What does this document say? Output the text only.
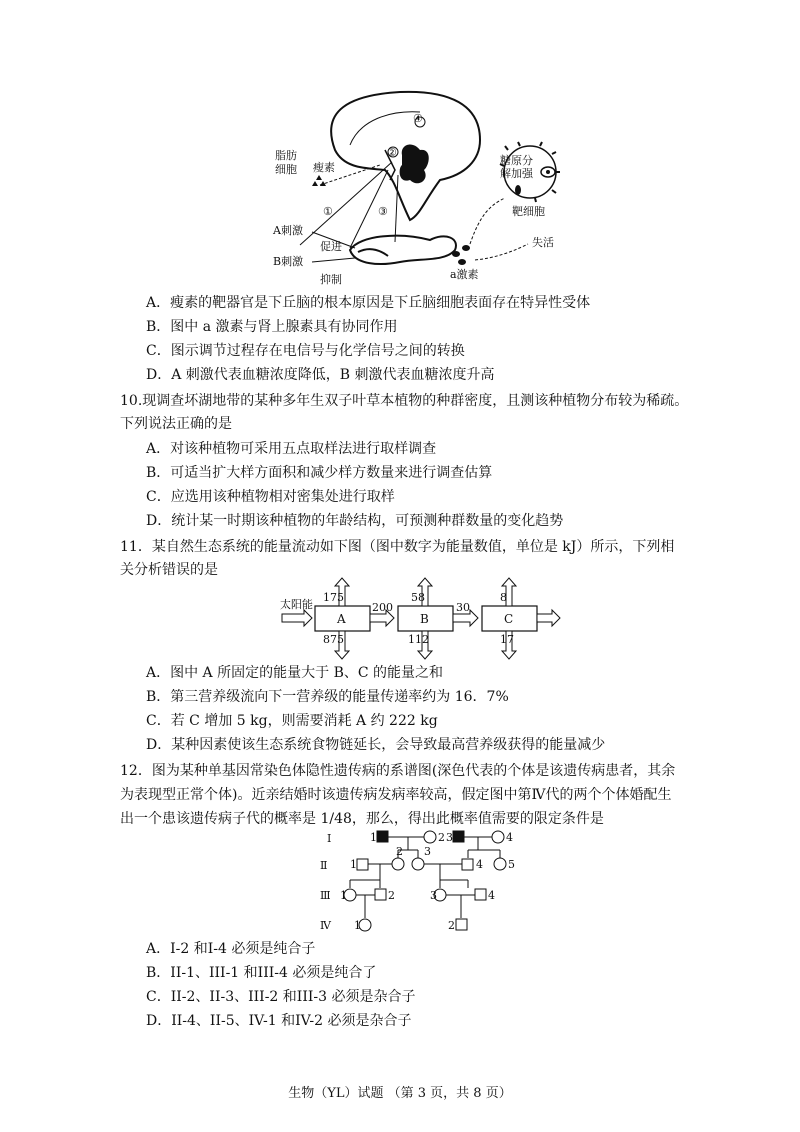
脂肪
细胞 瘦素
④
②
①	③
糖原分
解加强
靶细胞
A刺激
促进
B刺激
抑制	a激素
失活
A．瘦素的靶器官是下丘脑的根本原因是下丘脑细胞表面存在特异性受体
B．图中 a 激素与肾上腺素具有协同作用
C．图示调节过程存在电信号与化学信号之间的转换
D．A 刺激代表血糖浓度降低，B 刺激代表血糖浓度升高
10.现调查坏湖地带的某种多年生双子叶草本植物的种群密度，且测该种植物分布较为稀疏。
下列说法正确的是
A．对该种植物可采用五点取样法进行取样调查
B．可适当扩大样方面积和减少样方数量来进行调查估算
C．应选用该种植物相对密集处进行取样
D．统计某一时期该种植物的年龄结构，可预测种群数量的变化趋势
11．某自然生态系统的能量流动如下图（图中数字为能量数值，单位是 kJ）所示，下列相
关分析错误的是
太阳能
A	B	C
175	58	8
875	112	17
200	30
A．图中 A 所固定的能量大于 B、C 的能量之和
B．第三营养级流向下一营养级的能量传递率约为 16．7%
C．若 C 增加 5 kg，则需要消耗 A 约 222 kg
D．某种因素使该生态系统食物链延长，会导致最高营养级获得的能量减少
12．图为某种单基因常染色体隐性遗传病的系谱图(深色代表的个体是该遗传病患者，其余
为表现型正常个体)。近亲结婚时该遗传病发病率较高，假定图中第Ⅳ代的两个个体婚配生
出一个患该遗传病子代的概率是 1/48，那么，得出此概率值需要的限定条件是
Ⅰ
Ⅱ
Ⅲ
Ⅳ
1	2 3	4
1
2 3
4 5
1	2	3	4
1	2
A．I-2 和I-4 必须是纯合子
B．II-1、III-1 和III-4 必须是纯合了
C．II-2、II-3、III-2 和III-3 必须是杂合子
D．II-4、II-5、IV-1 和IV-2 必须是杂合子
生物（YL）试题 （第 3 页，共 8 页）
